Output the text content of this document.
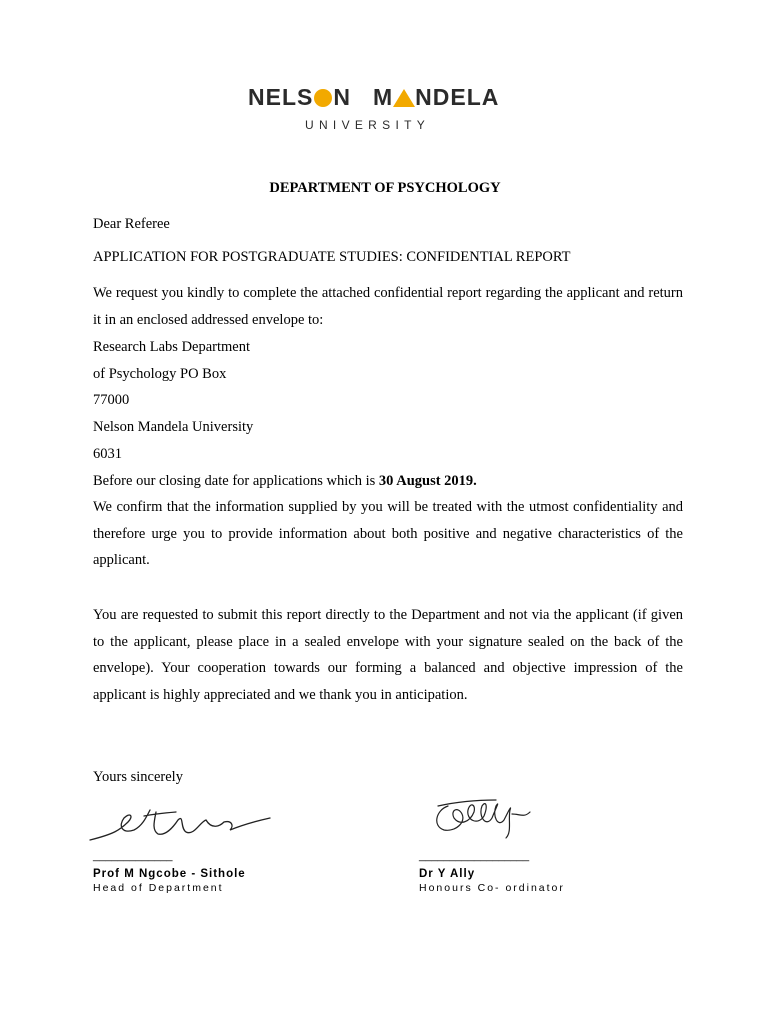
NELS N M NDELA
UNIVERSITY
DEPARTMENT OF PSYCHOLOGY
Dear Referee
APPLICATION FOR POSTGRADUATE STUDIES: CONFIDENTIAL REPORT
We request you kindly to complete the attached confidential report regarding the applicant and return it in an enclosed addressed envelope to:
Research Labs Department
of Psychology PO Box
77000
Nelson Mandela University
6031
Before our closing date for applications which is 30 August 2019.
We confirm that the information supplied by you will be treated with the utmost confidentiality and therefore urge you to provide information about both positive and negative characteristics of the applicant.
You are requested to submit this report directly to the Department and not via the applicant (if given to the applicant, please place in a sealed envelope with your signature sealed on the back of the envelope). Your cooperation towards our forming a balanced and objective impression of the applicant is highly appreciated and we thank you in anticipation.
Yours sincerely
_____________
Prof M Ngcobe - Sithole
Head of Department
__________________
Dr Y Ally
Honours Co- ordinator
